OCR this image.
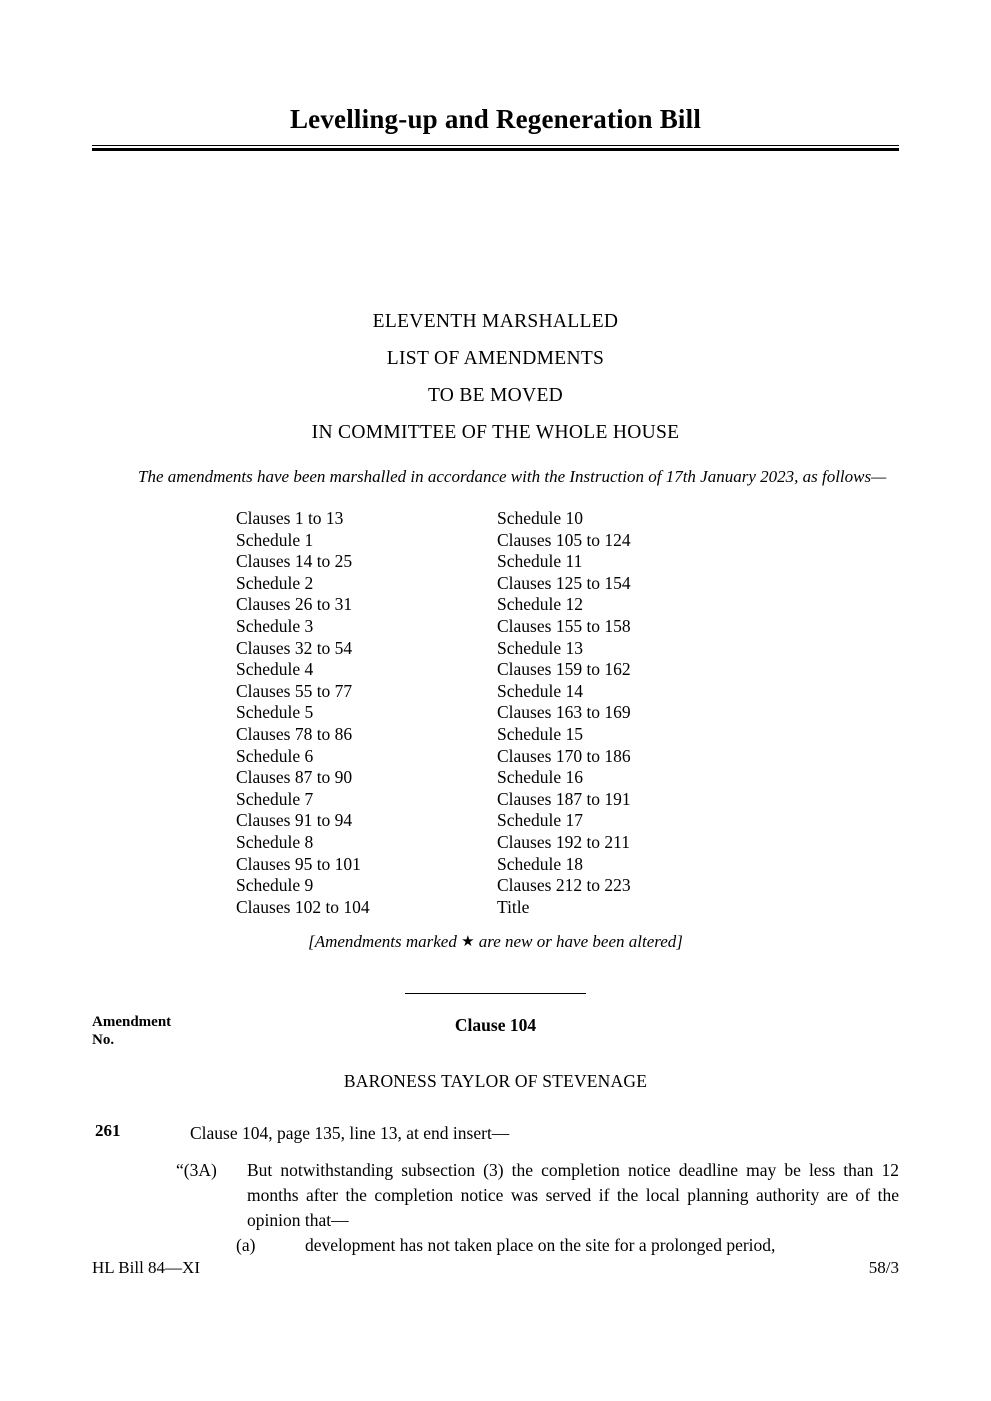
Levelling-up and Regeneration Bill
ELEVENTH MARSHALLED
LIST OF AMENDMENTS
TO BE MOVED
IN COMMITTEE OF THE WHOLE HOUSE
The amendments have been marshalled in accordance with the Instruction of 17th January 2023, as follows—
Clauses 1 to 13
Schedule 1
Clauses 14 to 25
Schedule 2
Clauses 26 to 31
Schedule 3
Clauses 32 to 54
Schedule 4
Clauses 55 to 77
Schedule 5
Clauses 78 to 86
Schedule 6
Clauses 87 to 90
Schedule 7
Clauses 91 to 94
Schedule 8
Clauses 95 to 101
Schedule 9
Clauses 102 to 104
Schedule 10
Clauses 105 to 124
Schedule 11
Clauses 125 to 154
Schedule 12
Clauses 155 to 158
Schedule 13
Clauses 159 to 162
Schedule 14
Clauses 163 to 169
Schedule 15
Clauses 170 to 186
Schedule 16
Clauses 187 to 191
Schedule 17
Clauses 192 to 211
Schedule 18
Clauses 212 to 223
Title
[Amendments marked ★ are new or have been altered]
Amendment
No.
Clause 104
BARONESS TAYLOR OF STEVENAGE
261	Clause 104, page 135, line 13, at end insert—
“(3A)	But notwithstanding subsection (3) the completion notice deadline may be less than 12 months after the completion notice was served if the local planning authority are of the opinion that—
(a)	development has not taken place on the site for a prolonged period,
HL Bill 84—XI	58/3
